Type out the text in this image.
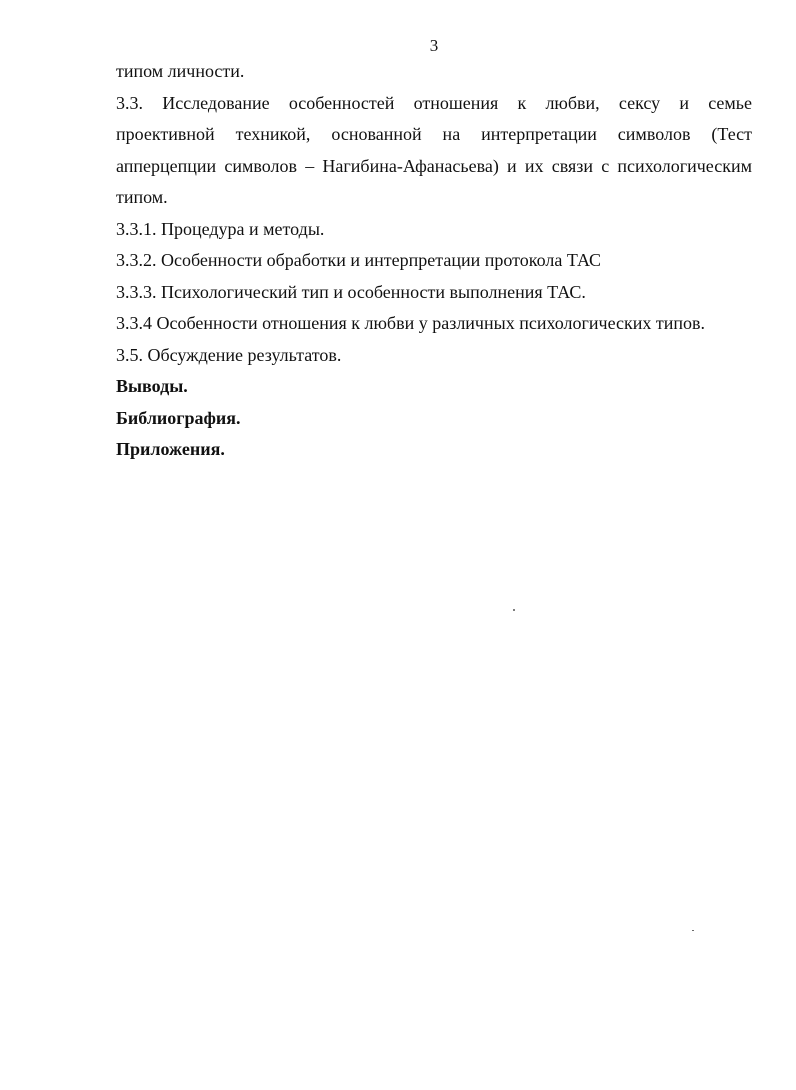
3
типом личности.
3.3. Исследование особенностей отношения к любви, сексу и семье
проективной техникой, основанной на интерпретации символов (Тест
апперцепции символов – Нагибина-Афанасьева) и их связи с психологическим
типом.
3.3.1. Процедура и методы.
3.3.2. Особенности обработки и интерпретации протокола ТАС
3.3.3. Психологический тип и особенности выполнения ТАС.
3.3.4 Особенности отношения к любви у различных психологических типов.
3.5. Обсуждение результатов.
Выводы.
Библиография.
Приложения.
